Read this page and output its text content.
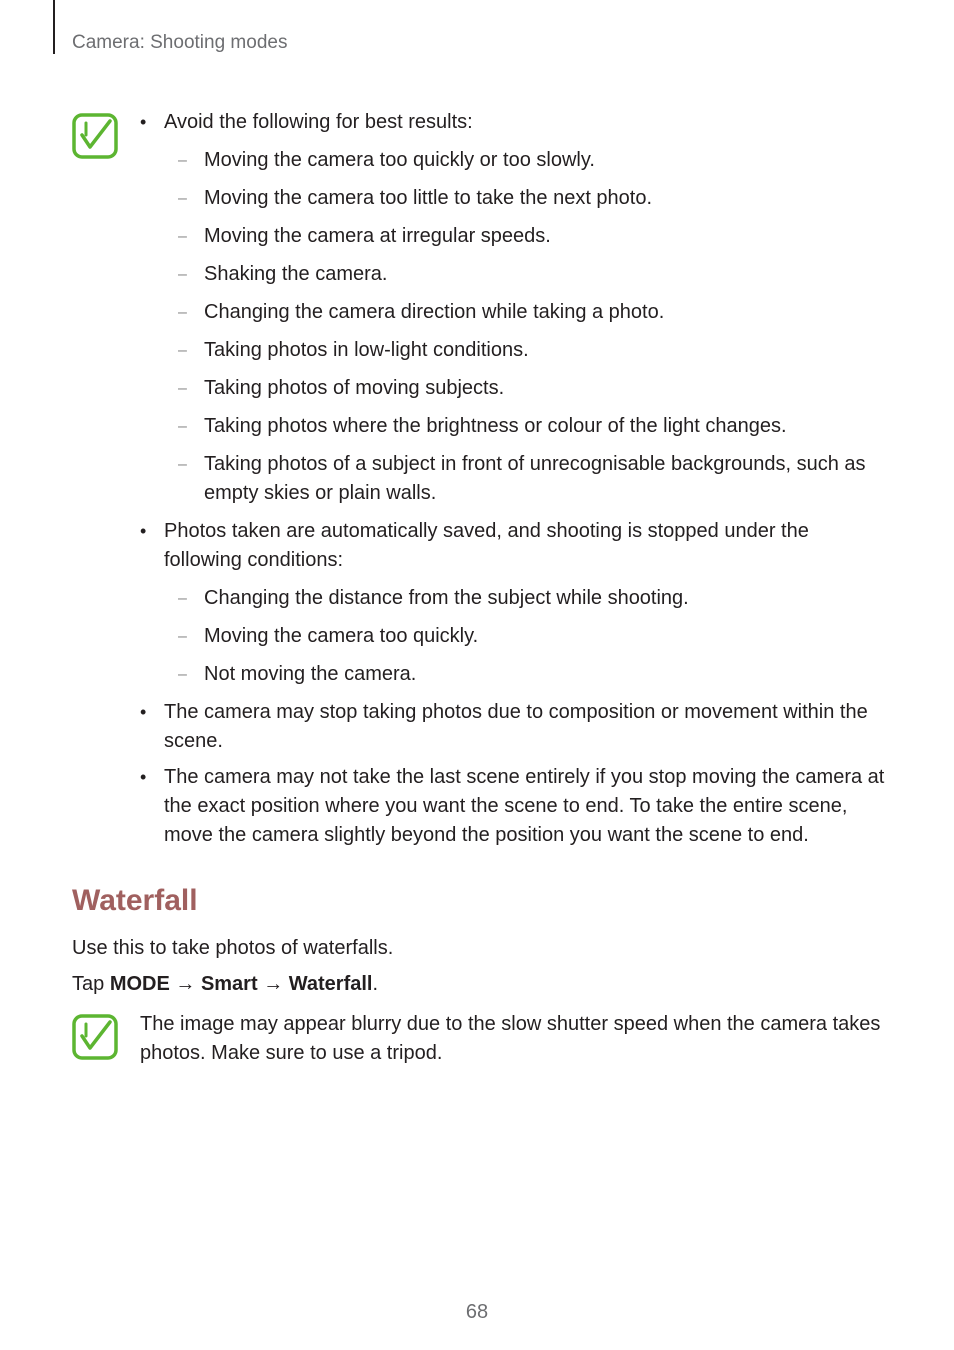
Camera: Shooting modes
• Avoid the following for best results:
– Moving the camera too quickly or too slowly.
– Moving the camera too little to take the next photo.
– Moving the camera at irregular speeds.
– Shaking the camera.
– Changing the camera direction while taking a photo.
– Taking photos in low-light conditions.
– Taking photos of moving subjects.
– Taking photos where the brightness or colour of the light changes.
– Taking photos of a subject in front of unrecognisable backgrounds, such as empty skies or plain walls.
• Photos taken are automatically saved, and shooting is stopped under the following conditions:
– Changing the distance from the subject while shooting.
– Moving the camera too quickly.
– Not moving the camera.
• The camera may stop taking photos due to composition or movement within the scene.
• The camera may not take the last scene entirely if you stop moving the camera at the exact position where you want the scene to end. To take the entire scene, move the camera slightly beyond the position you want the scene to end.
Waterfall
Use this to take photos of waterfalls.
Tap MODE → Smart → Waterfall.
The image may appear blurry due to the slow shutter speed when the camera takes photos. Make sure to use a tripod.
68
